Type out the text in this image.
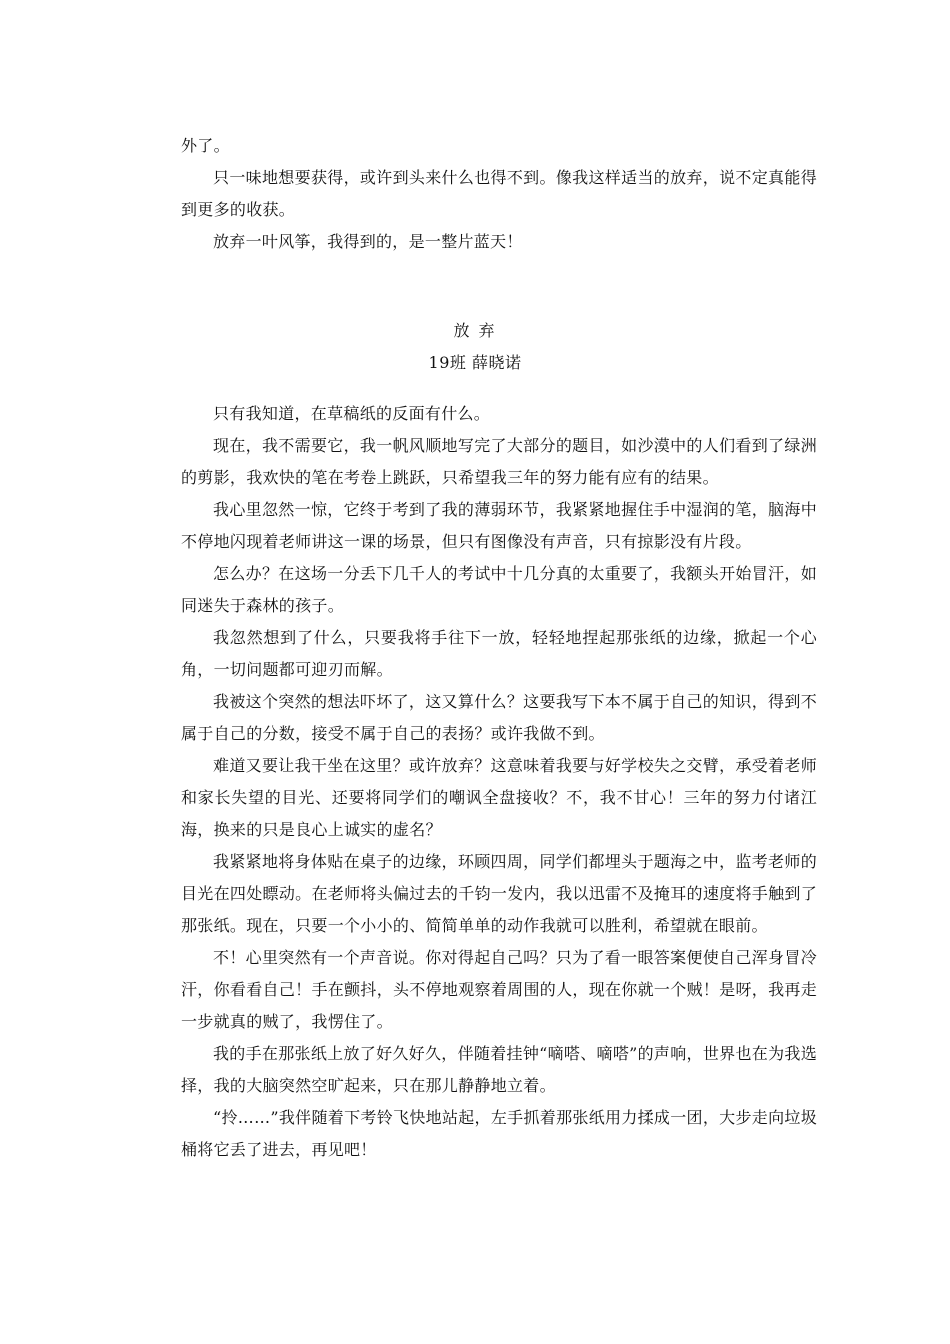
外了。

只一味地想要获得，或许到头来什么也得不到。像我这样适当的放弃，说不定真能得到更多的收获。

放弃一叶风筝，我得到的，是一整片蓝天！

放 弃
19班 薛晓诺

只有我知道，在草稿纸的反面有什么。

现在，我不需要它，我一帆风顺地写完了大部分的题目，如沙漠中的人们看到了绿洲的剪影，我欢快的笔在考卷上跳跃，只希望我三年的努力能有应有的结果。

我心里忽然一惊，它终于考到了我的薄弱环节，我紧紧地握住手中湿润的笔，脑海中不停地闪现着老师讲这一课的场景，但只有图像没有声音，只有掠影没有片段。

怎么办？在这场一分丢下几千人的考试中十几分真的太重要了，我额头开始冒汗，如同迷失于森林的孩子。

我忽然想到了什么，只要我将手往下一放，轻轻地捏起那张纸的边缘，掀起一个心角，一切问题都可迎刃而解。

我被这个突然的想法吓坏了，这又算什么？这要我写下本不属于自己的知识，得到不属于自己的分数，接受不属于自己的表扬？或许我做不到。

难道又要让我干坐在这里？或许放弃？这意味着我要与好学校失之交臂，承受着老师和家长失望的目光、还要将同学们的嘲讽全盘接收？不，我不甘心！三年的努力付诸江海，换来的只是良心上诚实的虚名？

我紧紧地将身体贴在桌子的边缘，环顾四周，同学们都埋头于题海之中，监考老师的目光在四处瞟动。在老师将头偏过去的千钧一发内，我以迅雷不及掩耳的速度将手触到了那张纸。现在，只要一个小小的、简简单单的动作我就可以胜利，希望就在眼前。

不！心里突然有一个声音说。你对得起自己吗？只为了看一眼答案便使自己浑身冒冷汗，你看看自己！手在颤抖，头不停地观察着周围的人，现在你就一个贼！是呀，我再走一步就真的贼了，我愣住了。

我的手在那张纸上放了好久好久，伴随着挂钟“嘀嗒、嘀嗒”的声响，世界也在为我选择，我的大脑突然空旷起来，只在那儿静静地立着。

“拎……”我伴随着下考铃飞快地站起，左手抓着那张纸用力揉成一团，大步走向垃圾桶将它丢了进去，再见吧！
